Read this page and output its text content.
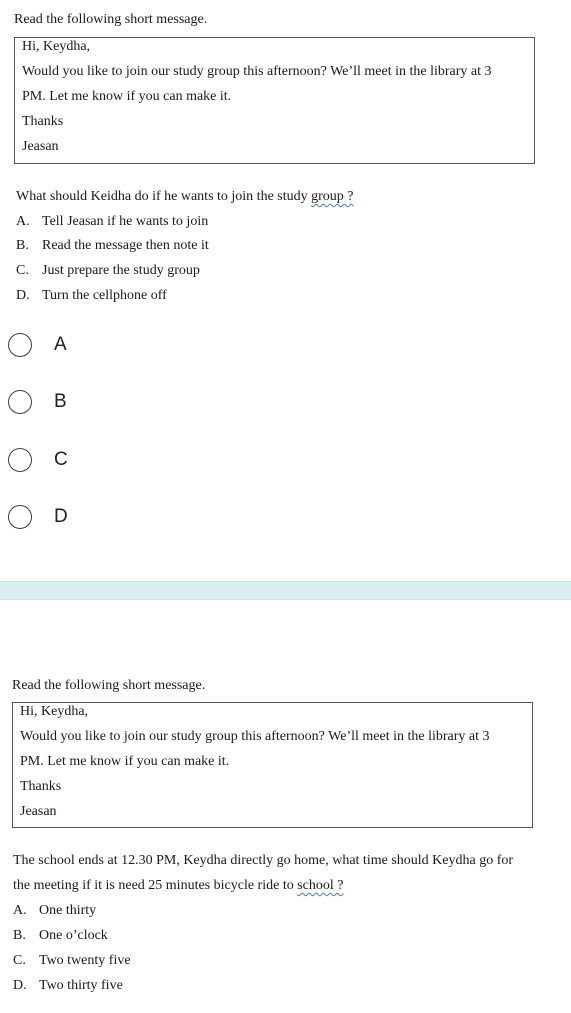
Read the following short message.
Hi, Keydha,
Would you like to join our study group this afternoon? We’ll meet in the library at 3
PM. Let me know if you can make it.
Thanks
Jeasan
What should Keidha do if he wants to join the study group ?
A. Tell Jeasan if he wants to join
B. Read the message then note it
C. Just prepare the study group
D. Turn the cellphone off
A
B
C
D
Read the following short message.
Hi, Keydha,
Would you like to join our study group this afternoon? We’ll meet in the library at 3
PM. Let me know if you can make it.
Thanks
Jeasan
The school ends at 12.30 PM, Keydha directly go home, what time should Keydha go for
the meeting if it is need 25 minutes bicycle ride to school ?
A. One thirty
B. One o’clock
C. Two twenty five
D. Two thirty five
